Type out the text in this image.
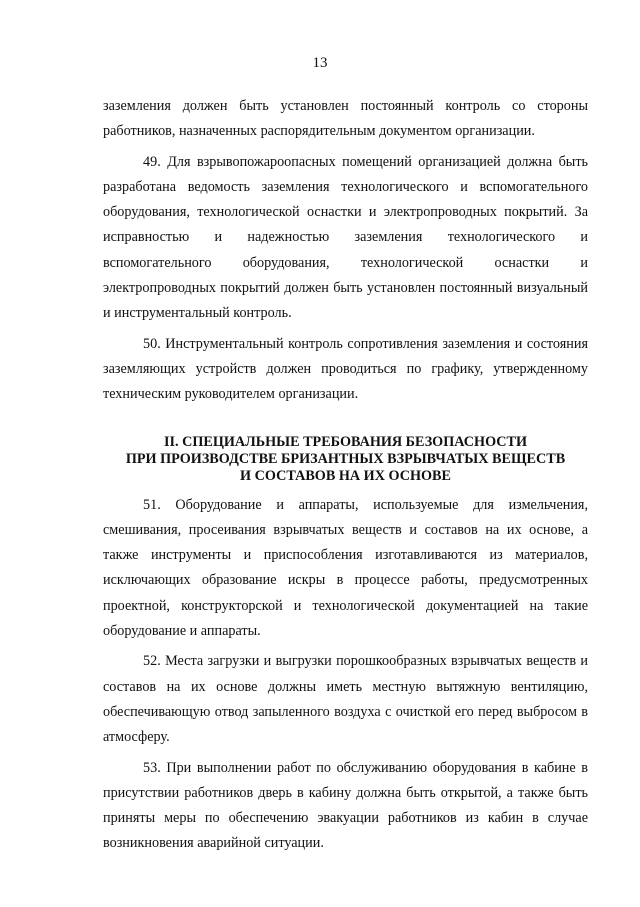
13

заземления должен быть установлен постоянный контроль со стороны работников, назначенных распорядительным документом организации.

49. Для взрывопожароопасных помещений организацией должна быть разработана ведомость заземления технологического и вспомогательного оборудования, технологической оснастки и электропроводных покрытий. За исправностью и надежностью заземления технологического и вспомогательного оборудования, технологической оснастки и электропроводных покрытий должен быть установлен постоянный визуальный и инструментальный контроль.

50. Инструментальный контроль сопротивления заземления и состояния заземляющих устройств должен проводиться по графику, утвержденному техническим руководителем организации.

II. СПЕЦИАЛЬНЫЕ ТРЕБОВАНИЯ БЕЗОПАСНОСТИ
ПРИ ПРОИЗВОДСТВЕ БРИЗАНТНЫХ ВЗРЫВЧАТЫХ ВЕЩЕСТВ
И СОСТАВОВ НА ИХ ОСНОВЕ

51. Оборудование и аппараты, используемые для измельчения, смешивания, просеивания взрывчатых веществ и составов на их основе, а также инструменты и приспособления изготавливаются из материалов, исключающих образование искры в процессе работы, предусмотренных проектной, конструкторской и технологической документацией на такие оборудование и аппараты.

52. Места загрузки и выгрузки порошкообразных взрывчатых веществ и составов на их основе должны иметь местную вытяжную вентиляцию, обеспечивающую отвод запыленного воздуха с очисткой его перед выбросом в атмосферу.

53. При выполнении работ по обслуживанию оборудования в кабине в присутствии работников дверь в кабину должна быть открытой, а также быть приняты меры по обеспечению эвакуации работников из кабин в случае возникновения аварийной ситуации.
